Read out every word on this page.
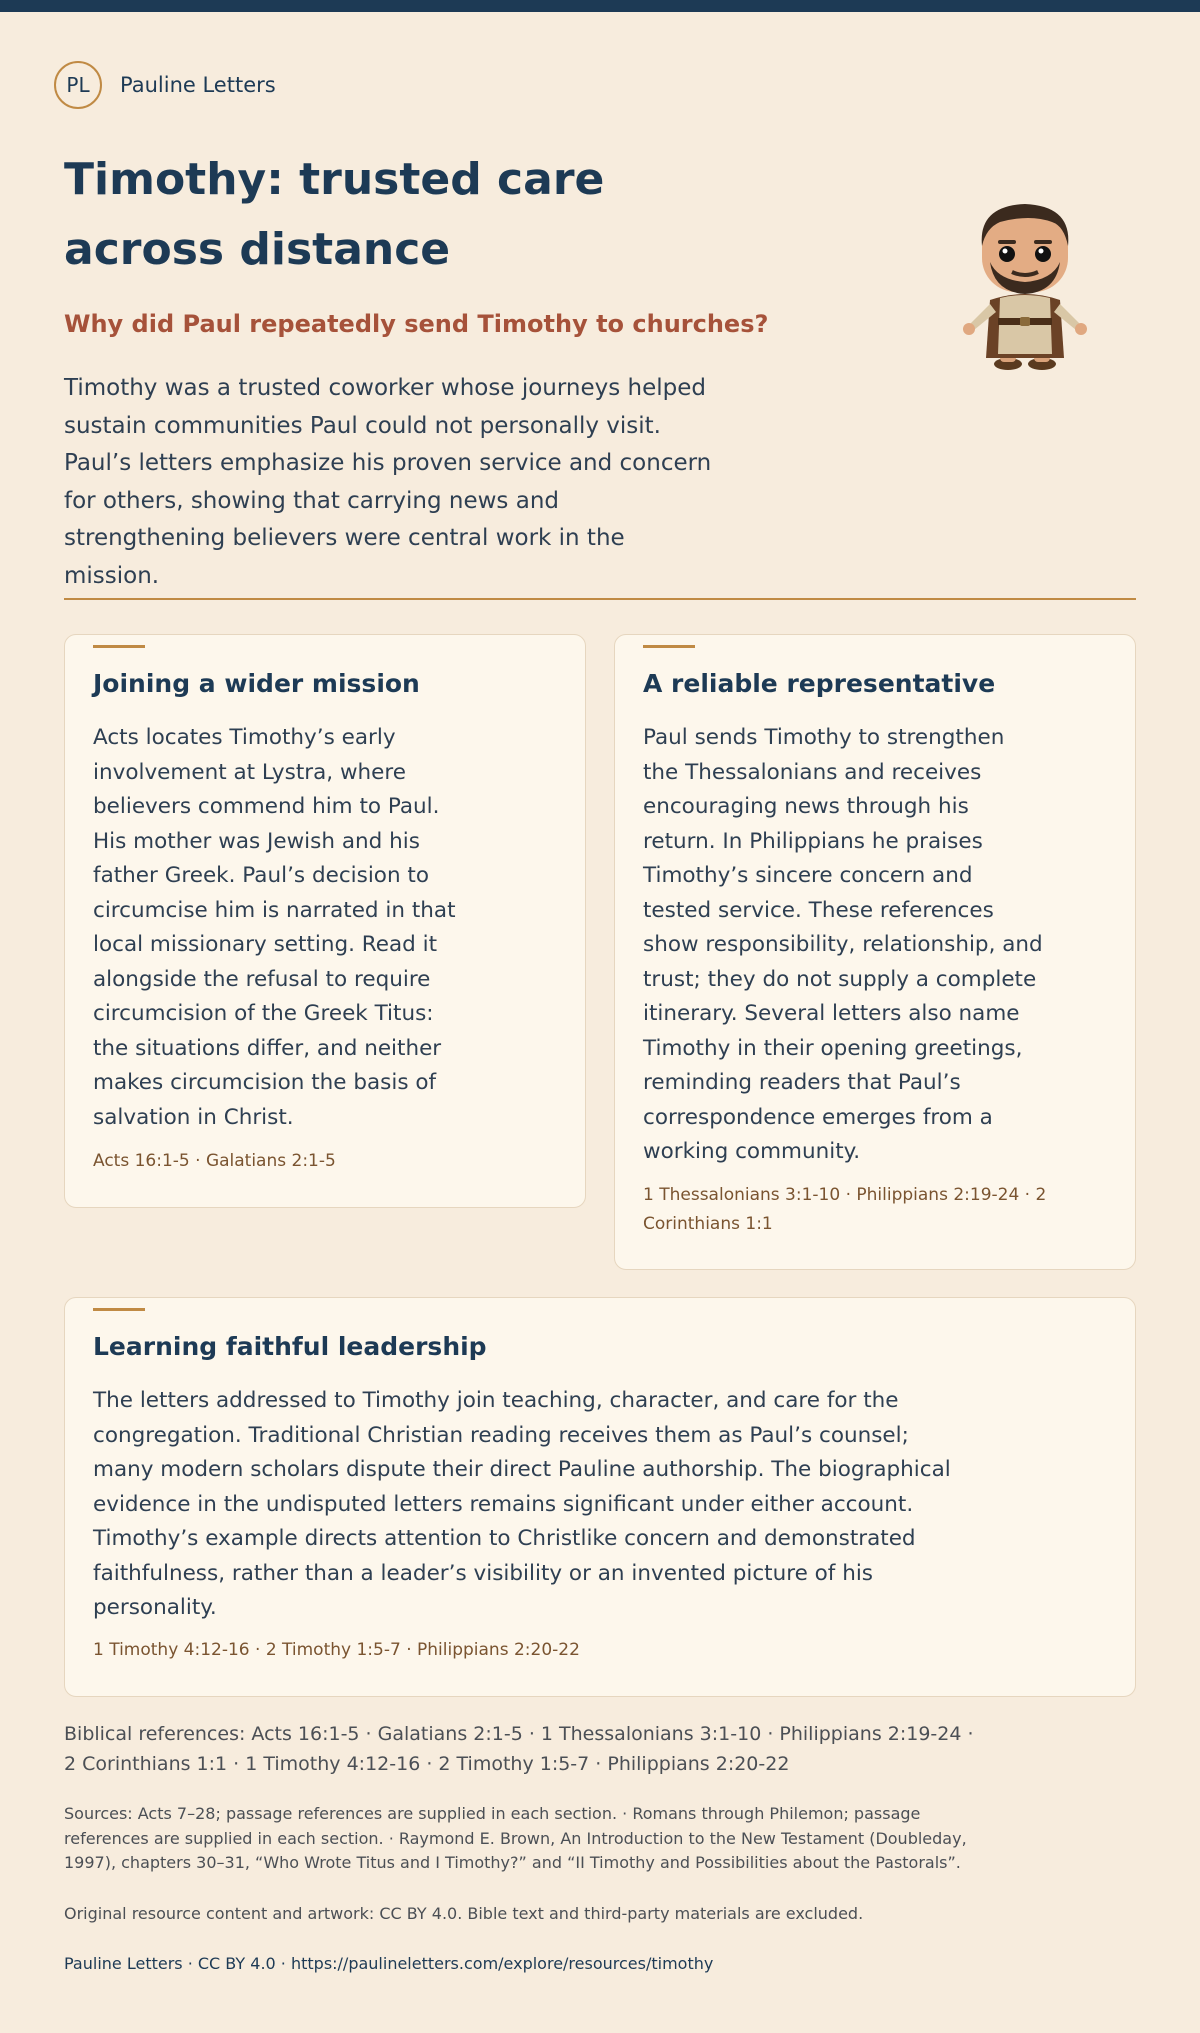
PL	Pauline Letters
Timothy: trusted care across distance
Why did Paul repeatedly send Timothy to churches?

Timothy was a trusted coworker whose journeys helped sustain communities Paul could not personally visit. Paul’s letters emphasize his proven service and concern for others, showing that carrying news and strengthening believers were central work in the mission.

Joining a wider mission

Acts locates Timothy’s early involvement at Lystra, where believers commend him to Paul. His mother was Jewish and his father Greek. Paul’s decision to circumcise him is narrated in that local missionary setting. Read it alongside the refusal to require circumcision of the Greek Titus: the situations differ, and neither makes circumcision the basis of salvation in Christ.

Acts 16:1-5 · Galatians 2:1-5

A reliable representative

Paul sends Timothy to strengthen the Thessalonians and receives encouraging news through his return. In Philippians he praises Timothy’s sincere concern and tested service. These references show responsibility, relationship, and trust; they do not supply a complete itinerary. Several letters also name Timothy in their opening greetings, reminding readers that Paul’s correspondence emerges from a working community.

1 Thessalonians 3:1-10 · Philippians 2:19-24 · 2 Corinthians 1:1

Learning faithful leadership

The letters addressed to Timothy join teaching, character, and care for the congregation. Traditional Christian reading receives them as Paul’s counsel; many modern scholars dispute their direct Pauline authorship. The biographical evidence in the undisputed letters remains significant under either account. Timothy’s example directs attention to Christlike concern and demonstrated faithfulness, rather than a leader’s visibility or an invented picture of his personality.

1 Timothy 4:12-16 · 2 Timothy 1:5-7 · Philippians 2:20-22

Biblical references: Acts 16:1-5 · Galatians 2:1-5 · 1 Thessalonians 3:1-10 · Philippians 2:19-24 · 2 Corinthians 1:1 · 1 Timothy 4:12-16 · 2 Timothy 1:5-7 · Philippians 2:20-22

Sources: Acts 7–28; passage references are supplied in each section. · Romans through Philemon; passage references are supplied in each section. · Raymond E. Brown, An Introduction to the New Testament (Doubleday, 1997), chapters 30–31, “Who Wrote Titus and I Timothy?” and “II Timothy and Possibilities about the Pastorals”.

Original resource content and artwork: CC BY 4.0. Bible text and third-party materials are excluded.

Pauline Letters · CC BY 4.0 · https://paulineletters.com/explore/resources/timothy
